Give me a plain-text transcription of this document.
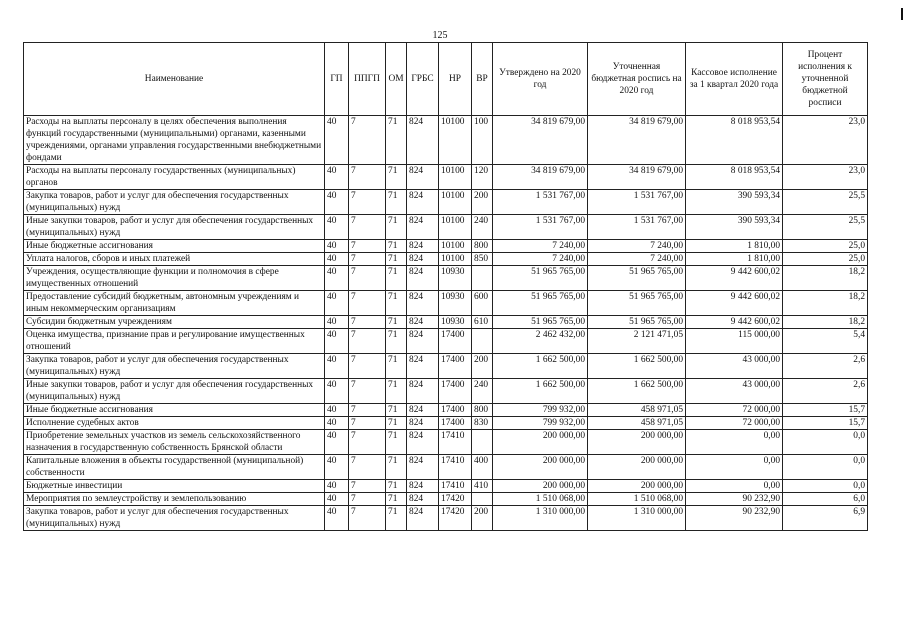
125
Наименование	ГП	ППГП	ОМ	ГРБС	НР	ВР	Утверждено на 2020 год	Уточненная бюджетная роспись на 2020 год	Кассовое исполнение за 1 квартал 2020 года	Процент исполнения к уточненной бюджетной росписи
Расходы на выплаты персоналу в целях обеспечения выполнения функций государственными (муниципальными) органами, казенными учреждениями, органами управления государственными внебюджетными фондами	40	7	71	824	10100	100	34 819 679,00	34 819 679,00	8 018 953,54	23,0
Расходы на выплаты персоналу государственных (муниципальных) органов	40	7	71	824	10100	120	34 819 679,00	34 819 679,00	8 018 953,54	23,0
Закупка товаров, работ и услуг для обеспечения государственных (муниципальных) нужд	40	7	71	824	10100	200	1 531 767,00	1 531 767,00	390 593,34	25,5
Иные закупки товаров, работ и услуг для обеспечения государственных (муниципальных) нужд	40	7	71	824	10100	240	1 531 767,00	1 531 767,00	390 593,34	25,5
Иные бюджетные ассигнования	40	7	71	824	10100	800	7 240,00	7 240,00	1 810,00	25,0
Уплата налогов, сборов и иных платежей	40	7	71	824	10100	850	7 240,00	7 240,00	1 810,00	25,0
Учреждения, осуществляющие функции и полномочия в сфере имущественных отношений	40	7	71	824	10930		51 965 765,00	51 965 765,00	9 442 600,02	18,2
Предоставление субсидий бюджетным, автономным учреждениям и иным некоммерческим организациям	40	7	71	824	10930	600	51 965 765,00	51 965 765,00	9 442 600,02	18,2
Субсидии бюджетным учреждениям	40	7	71	824	10930	610	51 965 765,00	51 965 765,00	9 442 600,02	18,2
Оценка имущества, признание прав и регулирование имущественных отношений	40	7	71	824	17400		2 462 432,00	2 121 471,05	115 000,00	5,4
Закупка товаров, работ и услуг для обеспечения государственных (муниципальных) нужд	40	7	71	824	17400	200	1 662 500,00	1 662 500,00	43 000,00	2,6
Иные закупки товаров, работ и услуг для обеспечения государственных (муниципальных) нужд	40	7	71	824	17400	240	1 662 500,00	1 662 500,00	43 000,00	2,6
Иные бюджетные ассигнования	40	7	71	824	17400	800	799 932,00	458 971,05	72 000,00	15,7
Исполнение судебных актов	40	7	71	824	17400	830	799 932,00	458 971,05	72 000,00	15,7
Приобретение земельных участков из земель сельскохозяйственного назначения в государственную собственность Брянской области	40	7	71	824	17410		200 000,00	200 000,00	0,00	0,0
Капитальные вложения в объекты государственной (муниципальной) собственности	40	7	71	824	17410	400	200 000,00	200 000,00	0,00	0,0
Бюджетные инвестиции	40	7	71	824	17410	410	200 000,00	200 000,00	0,00	0,0
Мероприятия по землеустройству и землепользованию	40	7	71	824	17420		1 510 068,00	1 510 068,00	90 232,90	6,0
Закупка товаров, работ и услуг для обеспечения государственных (муниципальных) нужд	40	7	71	824	17420	200	1 310 000,00	1 310 000,00	90 232,90	6,9
